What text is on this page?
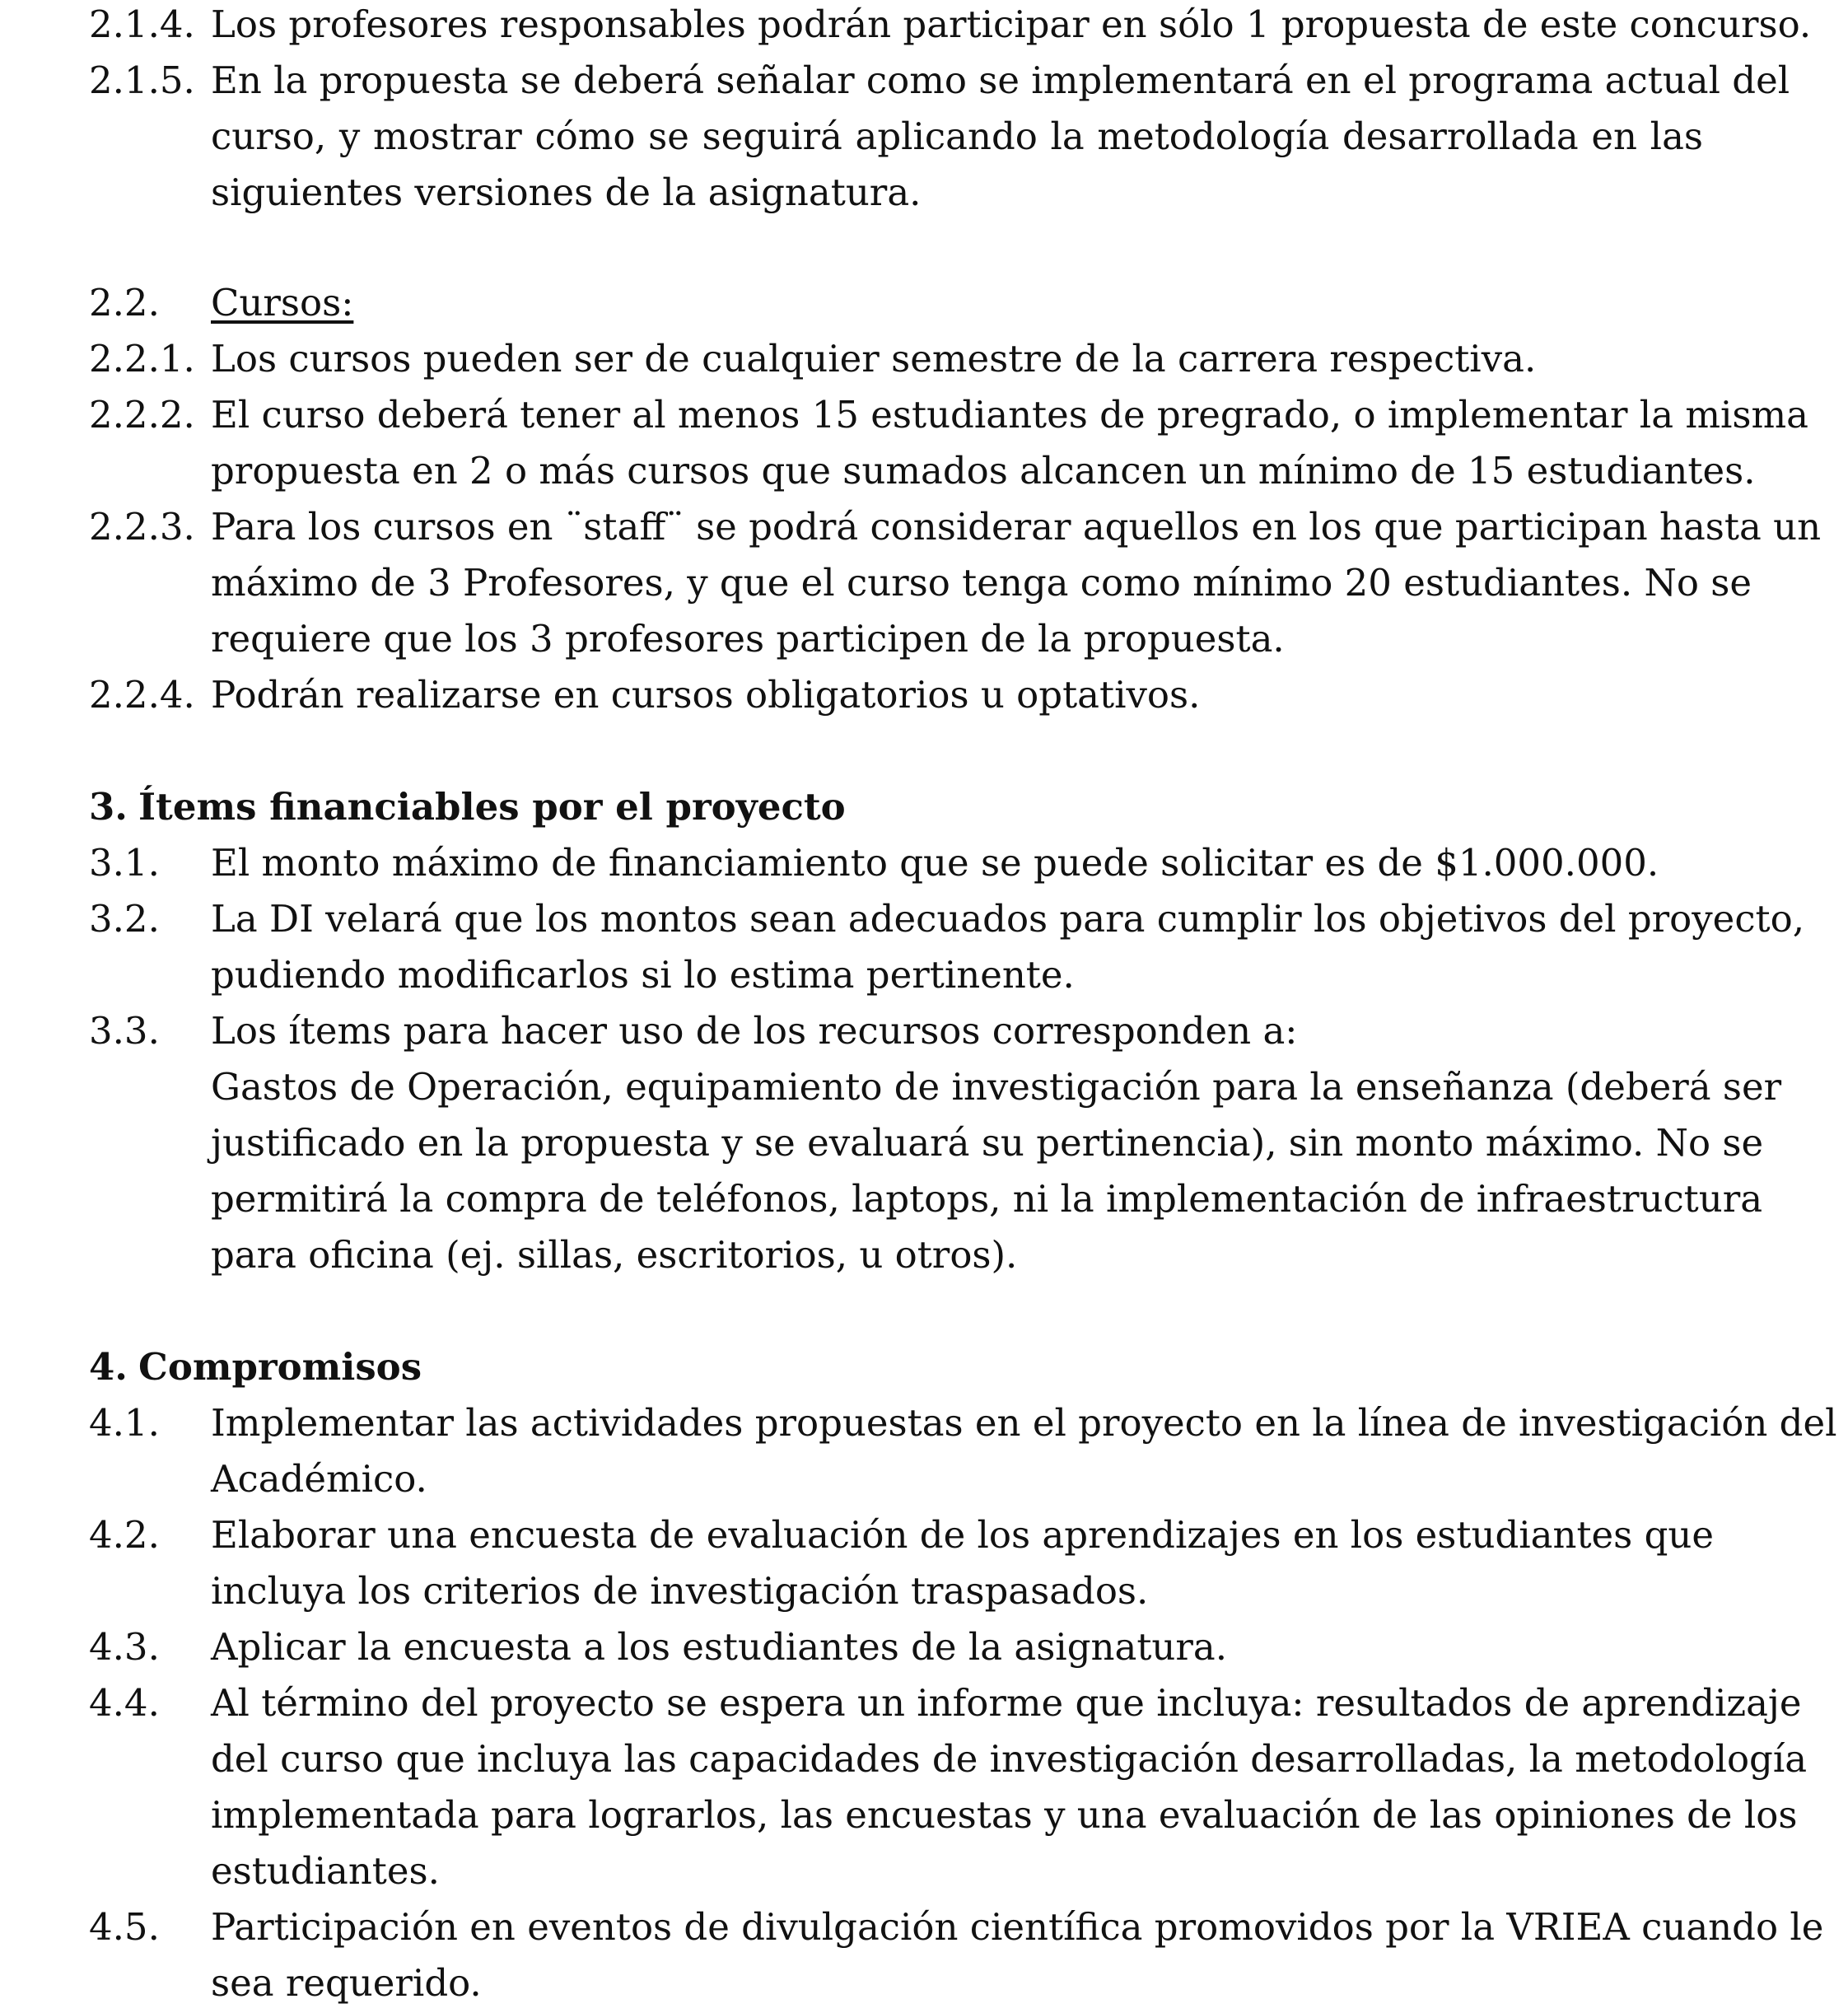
2.1.4. Los profesores responsables podrán participar en sólo 1 propuesta de este concurso.
2.1.5. En la propuesta se deberá señalar como se implementará en el programa actual del
curso, y mostrar cómo se seguirá aplicando la metodología desarrollada en las
siguientes versiones de la asignatura.
2.2. Cursos:
2.2.1. Los cursos pueden ser de cualquier semestre de la carrera respectiva.
2.2.2. El curso deberá tener al menos 15 estudiantes de pregrado, o implementar la misma
propuesta en 2 o más cursos que sumados alcancen un mínimo de 15 estudiantes.
2.2.3. Para los cursos en ¨staff¨ se podrá considerar aquellos en los que participan hasta un
máximo de 3 Profesores, y que el curso tenga como mínimo 20 estudiantes. No se
requiere que los 3 profesores participen de la propuesta.
2.2.4. Podrán realizarse en cursos obligatorios u optativos.
3. Ítems financiables por el proyecto
3.1. El monto máximo de financiamiento que se puede solicitar es de $1.000.000.
3.2. La DI velará que los montos sean adecuados para cumplir los objetivos del proyecto,
pudiendo modificarlos si lo estima pertinente.
3.3. Los ítems para hacer uso de los recursos corresponden a:
Gastos de Operación, equipamiento de investigación para la enseñanza (deberá ser
justificado en la propuesta y se evaluará su pertinencia), sin monto máximo. No se
permitirá la compra de teléfonos, laptops, ni la implementación de infraestructura
para oficina (ej. sillas, escritorios, u otros).
4. Compromisos
4.1. Implementar las actividades propuestas en el proyecto en la línea de investigación del
Académico.
4.2. Elaborar una encuesta de evaluación de los aprendizajes en los estudiantes que
incluya los criterios de investigación traspasados.
4.3. Aplicar la encuesta a los estudiantes de la asignatura.
4.4. Al término del proyecto se espera un informe que incluya: resultados de aprendizaje
del curso que incluya las capacidades de investigación desarrolladas, la metodología
implementada para lograrlos, las encuestas y una evaluación de las opiniones de los
estudiantes.
4.5. Participación en eventos de divulgación científica promovidos por la VRIEA cuando le
sea requerido.
